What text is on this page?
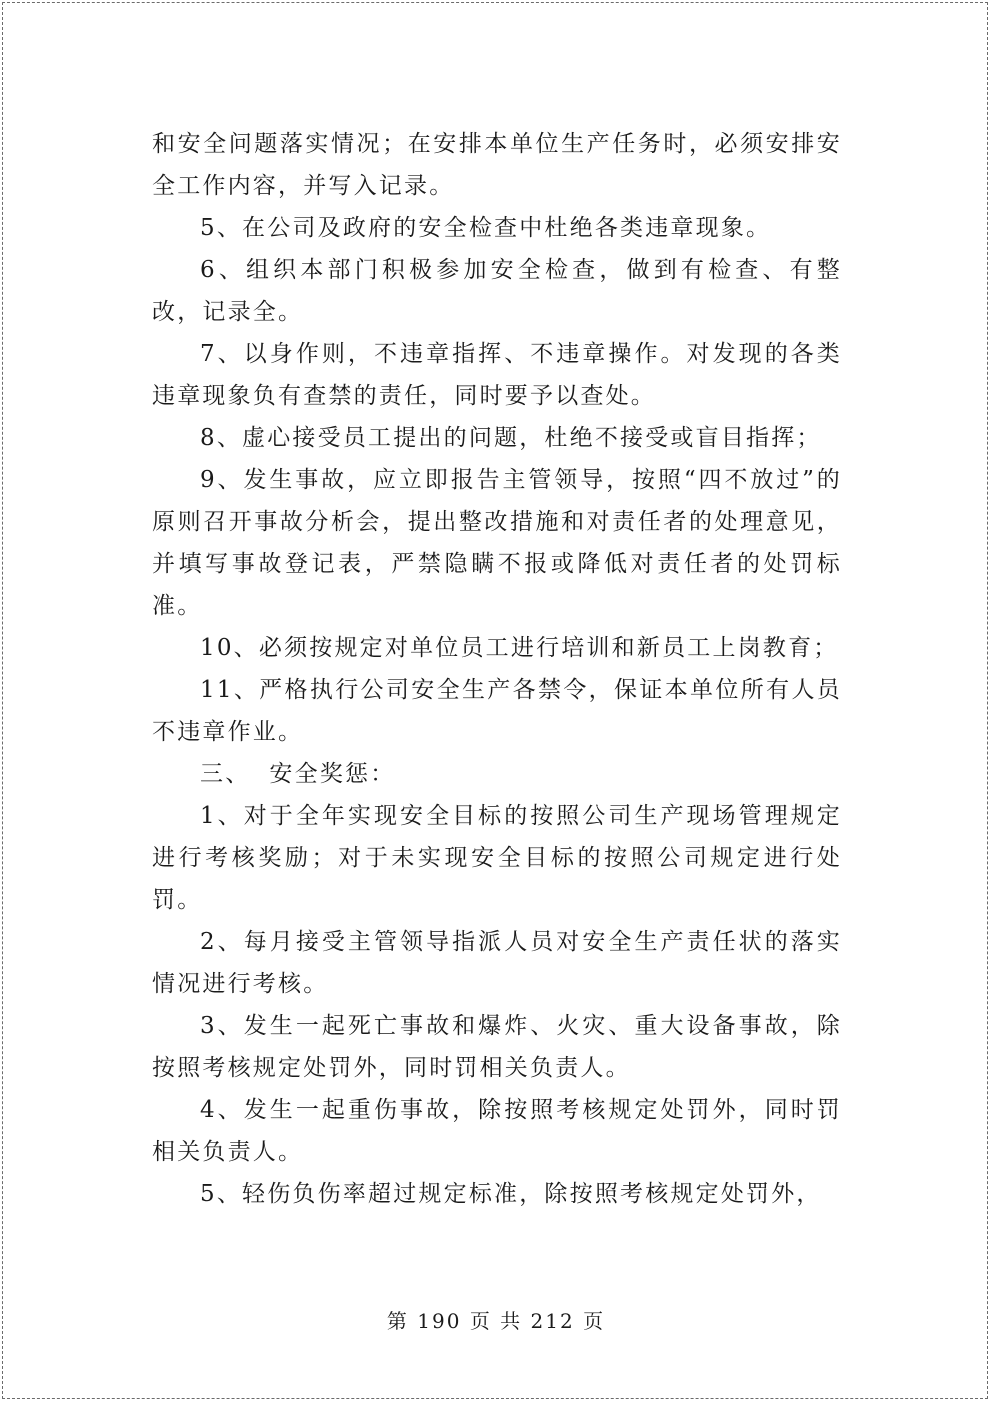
和安全问题落实情况；在安排本单位生产任务时，必须安排安全工作内容，并写入记录。

5、在公司及政府的安全检查中杜绝各类违章现象。

6、组织本部门积极参加安全检查，做到有检查、有整改，记录全。

7、以身作则，不违章指挥、不违章操作。对发现的各类违章现象负有查禁的责任，同时要予以查处。

8、虚心接受员工提出的问题，杜绝不接受或盲目指挥；

9、发生事故，应立即报告主管领导，按照“四不放过”的原则召开事故分析会，提出整改措施和对责任者的处理意见，并填写事故登记表，严禁隐瞒不报或降低对责任者的处罚标准。

10、必须按规定对单位员工进行培训和新员工上岗教育；

11、严格执行公司安全生产各禁令，保证本单位所有人员不违章作业。

三、  安全奖惩：

1、对于全年实现安全目标的按照公司生产现场管理规定进行考核奖励；对于未实现安全目标的按照公司规定进行处罚。

2、每月接受主管领导指派人员对安全生产责任状的落实情况进行考核。

3、发生一起死亡事故和爆炸、火灾、重大设备事故，除按照考核规定处罚外，同时罚相关负责人。

4、发生一起重伤事故，除按照考核规定处罚外，同时罚相关负责人。

5、轻伤负伤率超过规定标准，除按照考核规定处罚外，

第 190 页 共 212 页
